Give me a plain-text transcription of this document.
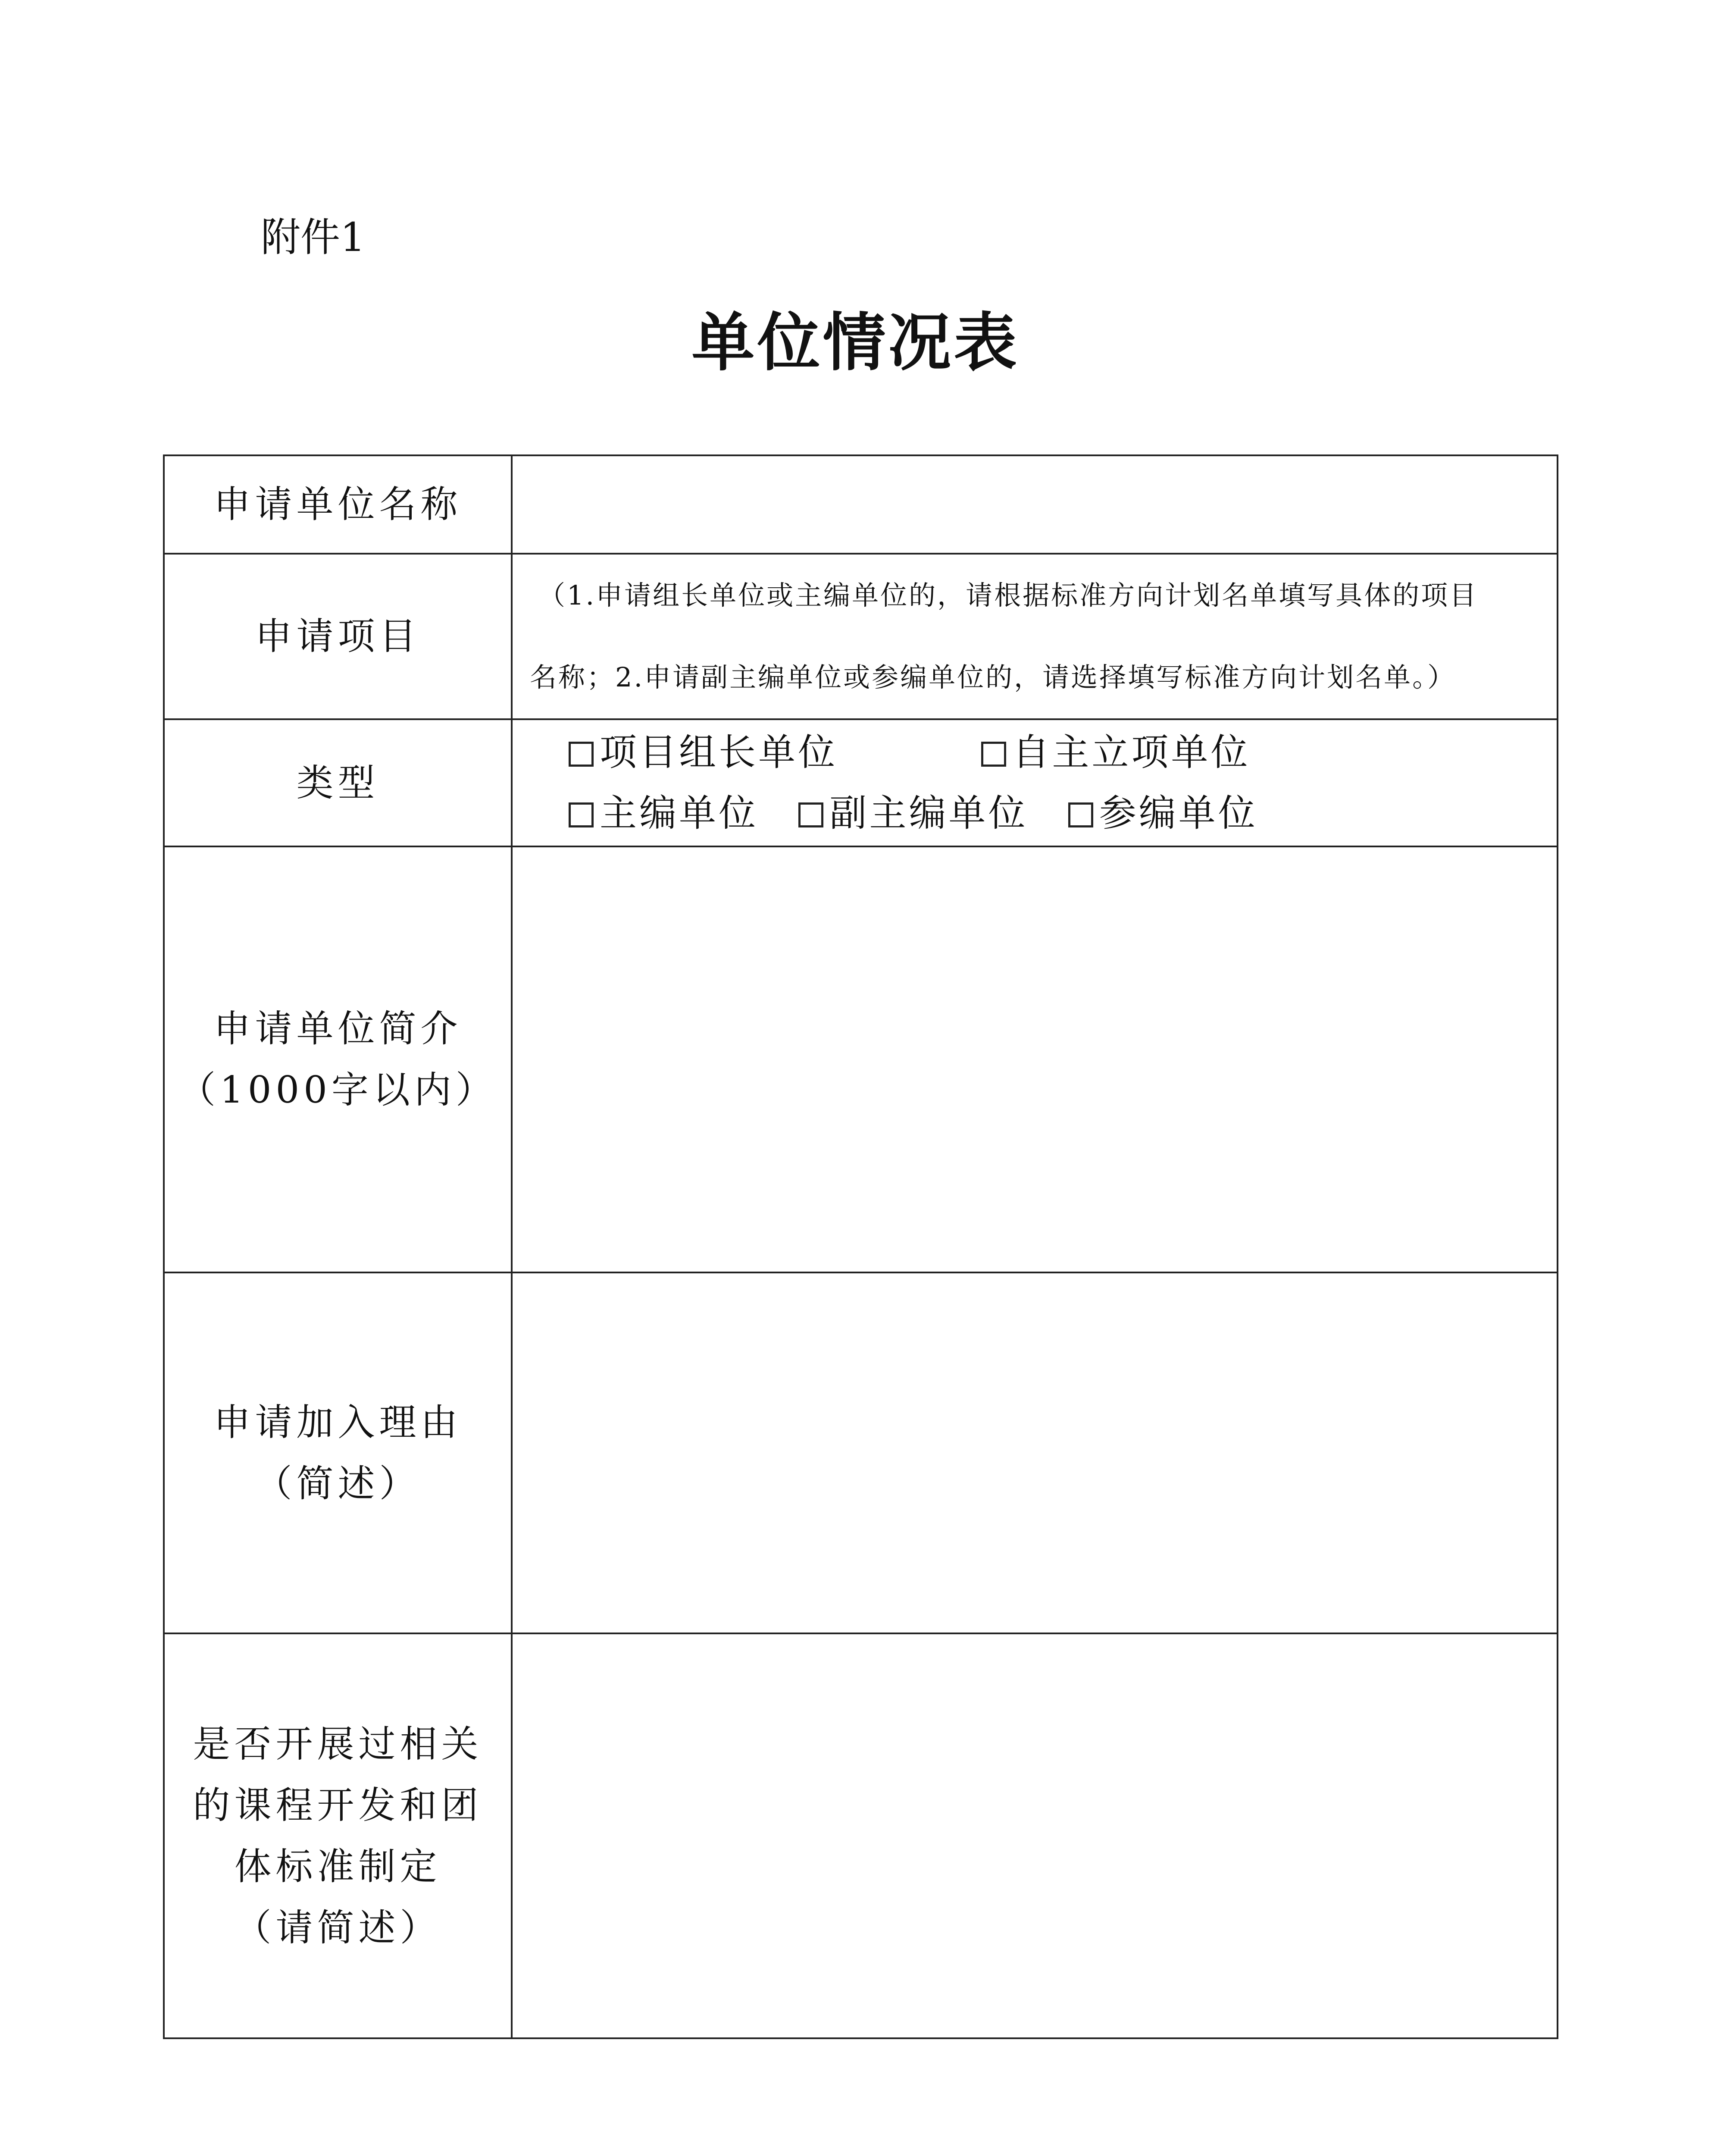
附件1
单位情况表
申请单位名称	

申请项目	（1.申请组长单位或主编单位的，请根据标准方向计划名单填写具体的项目
名称；2.申请副主编单位或参编单位的，请选择填写标准方向计划名单。）

类型	项目组长单位 自主立项单位
主编单位 副主编单位 参编单位

申请单位简介
（1000字以内）	

申请加入理由
（简述）	

是否开展过相关
的课程开发和团
体标准制定
（请简述）	
